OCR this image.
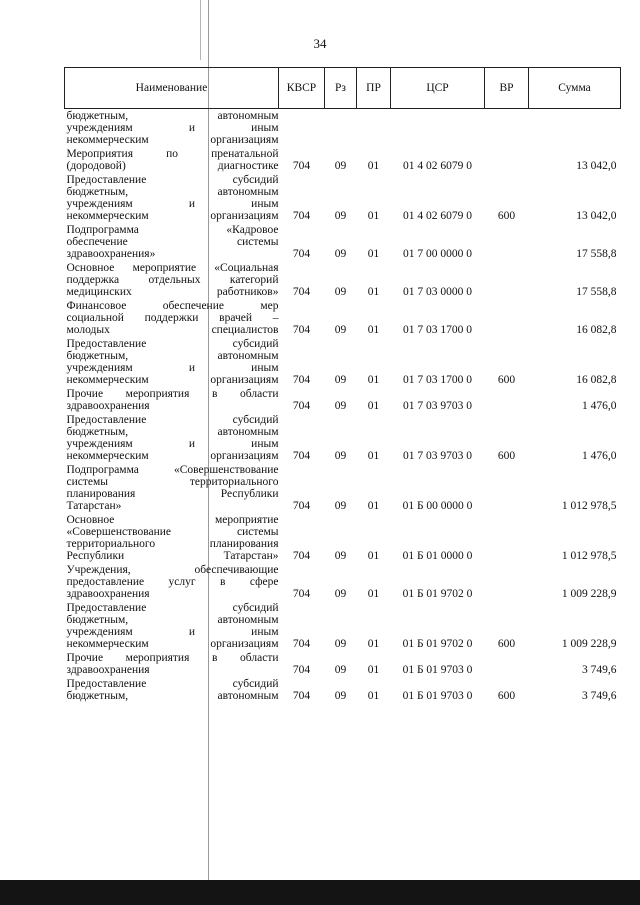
34
Наименование	КВСР	Рз	ПР	ЦСР	ВР	Сумма

бюджетным, автономным
учреждениям и иным
некоммерческим организациям						

Мероприятия по пренатальной
(дородовой) диагностике	704	09	01	01 4 02 6079 0		13 042,0

Предоставление субсидий
бюджетным, автономным
учреждениям и иным
некоммерческим организациям	704	09	01	01 4 02 6079 0	600	13 042,0

Подпрограмма «Кадровое
обеспечение системы
здравоохранения»	704	09	01	01 7 00 0000 0		17 558,8

Основное мероприятие «Социальная
поддержка отдельных категорий
медицинских работников»	704	09	01	01 7 03 0000 0		17 558,8

Финансовое обеспечение мер
социальной поддержки врачей –
молодых специалистов	704	09	01	01 7 03 1700 0		16 082,8

Предоставление субсидий
бюджетным, автономным
учреждениям и иным
некоммерческим организациям	704	09	01	01 7 03 1700 0	600	16 082,8

Прочие мероприятия в области
здравоохранения	704	09	01	01 7 03 9703 0		1 476,0

Предоставление субсидий
бюджетным, автономным
учреждениям и иным
некоммерческим организациям	704	09	01	01 7 03 9703 0	600	1 476,0

Подпрограмма «Совершенствование
системы территориального
планирования Республики
Татарстан»	704	09	01	01 Б 00 0000 0		1 012 978,5

Основное мероприятие
«Совершенствование системы
территориального планирования
Республики Татарстан»	704	09	01	01 Б 01 0000 0		1 012 978,5

Учреждения, обеспечивающие
предоставление услуг в сфере
здравоохранения	704	09	01	01 Б 01 9702 0		1 009 228,9

Предоставление субсидий
бюджетным, автономным
учреждениям и иным
некоммерческим организациям	704	09	01	01 Б 01 9702 0	600	1 009 228,9

Прочие мероприятия в области
здравоохранения	704	09	01	01 Б 01 9703 0		3 749,6

Предоставление субсидий
бюджетным, автономным	704	09	01	01 Б 01 9703 0	600	3 749,6
